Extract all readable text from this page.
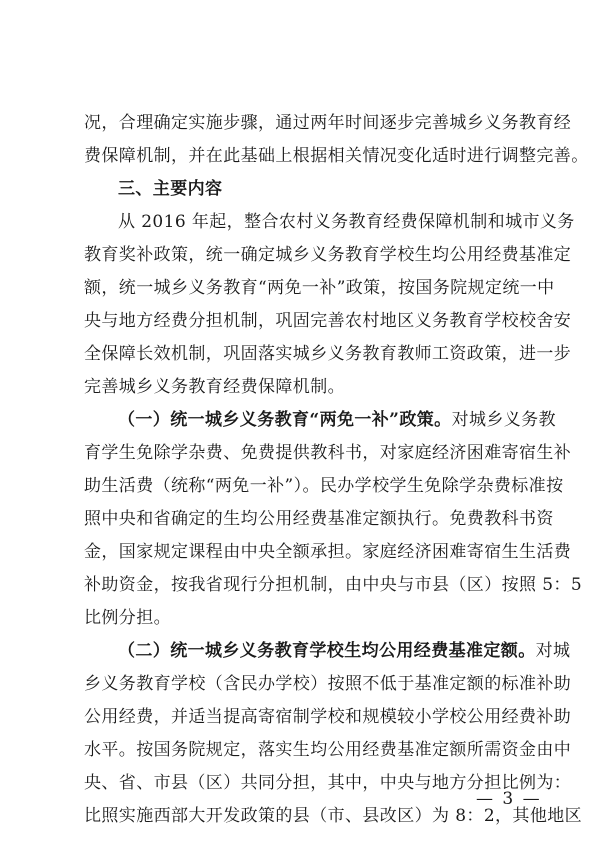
况，合理确定实施步骤，通过两年时间逐步完善城乡义务教育经
费保障机制，并在此基础上根据相关情况变化适时进行调整完善。
三、主要内容
从 2016 年起，整合农村义务教育经费保障机制和城市义务
教育奖补政策，统一确定城乡义务教育学校生均公用经费基准定
额，统一城乡义务教育“两免一补”政策，按国务院规定统一中
央与地方经费分担机制，巩固完善农村地区义务教育学校校舍安
全保障长效机制，巩固落实城乡义务教育教师工资政策，进一步
完善城乡义务教育经费保障机制。
（一）统一城乡义务教育“两免一补”政策。对城乡义务教
育学生免除学杂费、免费提供教科书，对家庭经济困难寄宿生补
助生活费（统称“两免一补”）。民办学校学生免除学杂费标准按
照中央和省确定的生均公用经费基准定额执行。免费教科书资
金，国家规定课程由中央全额承担。家庭经济困难寄宿生生活费
补助资金，按我省现行分担机制，由中央与市县（区）按照 5：5
比例分担。
（二）统一城乡义务教育学校生均公用经费基准定额。对城
乡义务教育学校（含民办学校）按照不低于基准定额的标准补助
公用经费，并适当提高寄宿制学校和规模较小学校公用经费补助
水平。按国务院规定，落实生均公用经费基准定额所需资金由中
央、省、市县（区）共同分担，其中，中央与地方分担比例为：
比照实施西部大开发政策的县（市、县改区）为 8：2，其他地区
— 3 —
